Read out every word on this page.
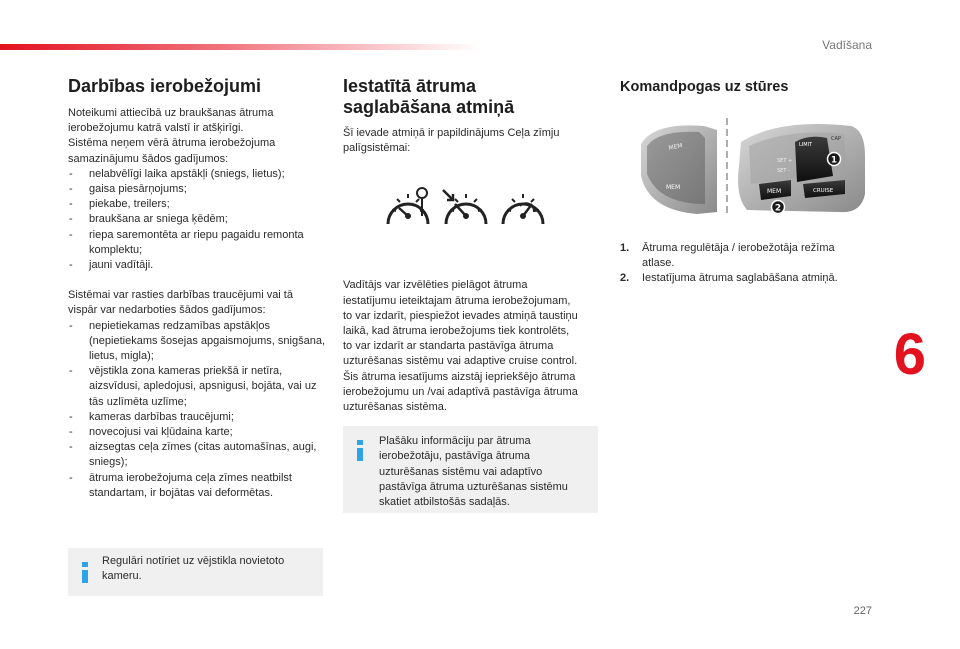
Vadīšana
6
227
Darbības ierobežojumi

Noteikumi attiecībā uz braukšanas ātruma
ierobežojumu katrā valstī ir atšķirīgi.
Sistēma neņem vērā ātruma ierobežojuma
samazinājumu šādos gadījumos:

- nelabvēlīgi laika apstākļi (sniegs, lietus);
- gaisa piesārņojums;
- piekabe, treilers;
- braukšana ar sniega ķēdēm;
- riepa saremontēta ar riepu pagaidu remonta komplektu;
- jauni vadītāji.

Sistēmai var rasties darbības traucējumi vai tā
vispār var nedarboties šādos gadījumos:

- nepietiekamas redzamības apstākļos (nepietiekams šosejas apgaismojums, snigšana, lietus, migla);
- vējstikla zona kameras priekšā ir netīra, aizsvīdusi, apledojusi, apsnigusi, bojāta, vai uz tās uzlīmēta uzlīme;
- kameras darbības traucējumi;
- novecojusi vai kļūdaina karte;
- aizsegtas ceļa zīmes (citas automašīnas, augi, sniegs);
- ātruma ierobežojuma ceļa zīmes neatbilst standartam, ir bojātas vai deformētas.
Regulāri notīriet uz vējstikla novietoto
kameru.
Iestatītā ātruma
saglabāšana atmiņā

Šī ievade atmiņā ir papildinājums Ceļa zīmju
palīgsistēmai:

Vadītājs var izvēlēties pielāgot ātruma
iestatījumu ieteiktajam ātruma ierobežojumam,
to var izdarīt, piespiežot ievades atmiņā taustiņu
laikā, kad ātruma ierobežojums tiek kontrolēts,
to var izdarīt ar standarta pastāvīga ātruma
uzturēšanas sistēmu vai adaptive cruise control.
Šis ātruma iesatījums aizstāj iepriekšējo ātruma
ierobežojumu un /vai adaptīvā pastāvīga ātruma
uzturēšanas sistēma.

Plašāku informāciju par ātruma
ierobežotāju, pastāvīga ātruma
uzturēšanas sistēmu vai adaptīvo
pastāvīga ātruma uzturēšanas sistēmu
skatiet atbilstošās sadaļās.
Komandpogas uz stūres
MEM
MEM
LIMIT
SET +
SET -
CAP
CRUISE
MEM
1
2
1. Ātruma regulētāja / ierobežotāja režīma
atlase.
2. Iestatījuma ātruma saglabāšana atmiņā.
